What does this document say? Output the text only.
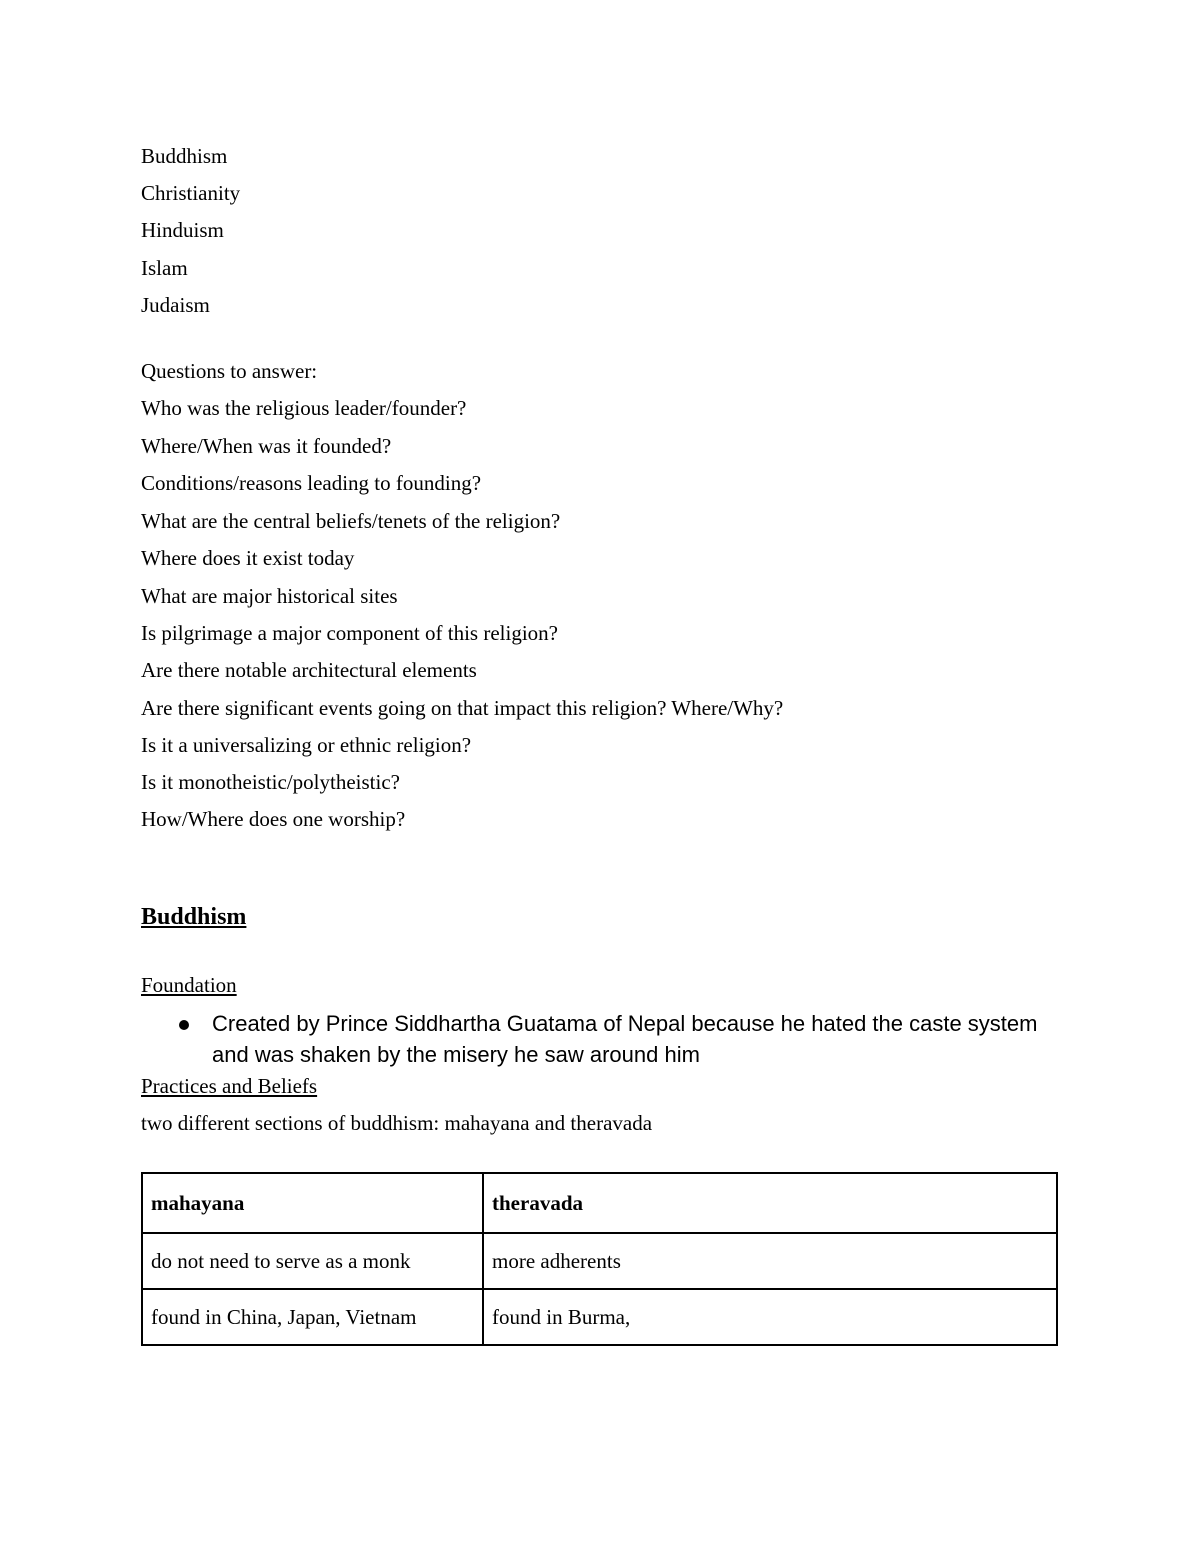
Buddhism
Christianity
Hinduism
Islam
Judaism
Questions to answer:
Who was the religious leader/founder?
Where/When was it founded?
Conditions/reasons leading to founding?
What are the central beliefs/tenets of the religion?
Where does it exist today
What are major historical sites
Is pilgrimage a major component of this religion?
Are there notable architectural elements
Are there significant events going on that impact this religion? Where/Why?
Is it a universalizing or ethnic religion?
Is it monotheistic/polytheistic?
How/Where does one worship?
Buddhism
Foundation
Created by Prince Siddhartha Guatama of Nepal because he hated the caste system and was shaken by the misery he saw around him
Practices and Beliefs
two different sections of buddhism: mahayana and theravada
mahayana	theravada
do not need to serve as a monk	more adherents
found in China, Japan, Vietnam	found in Burma,
